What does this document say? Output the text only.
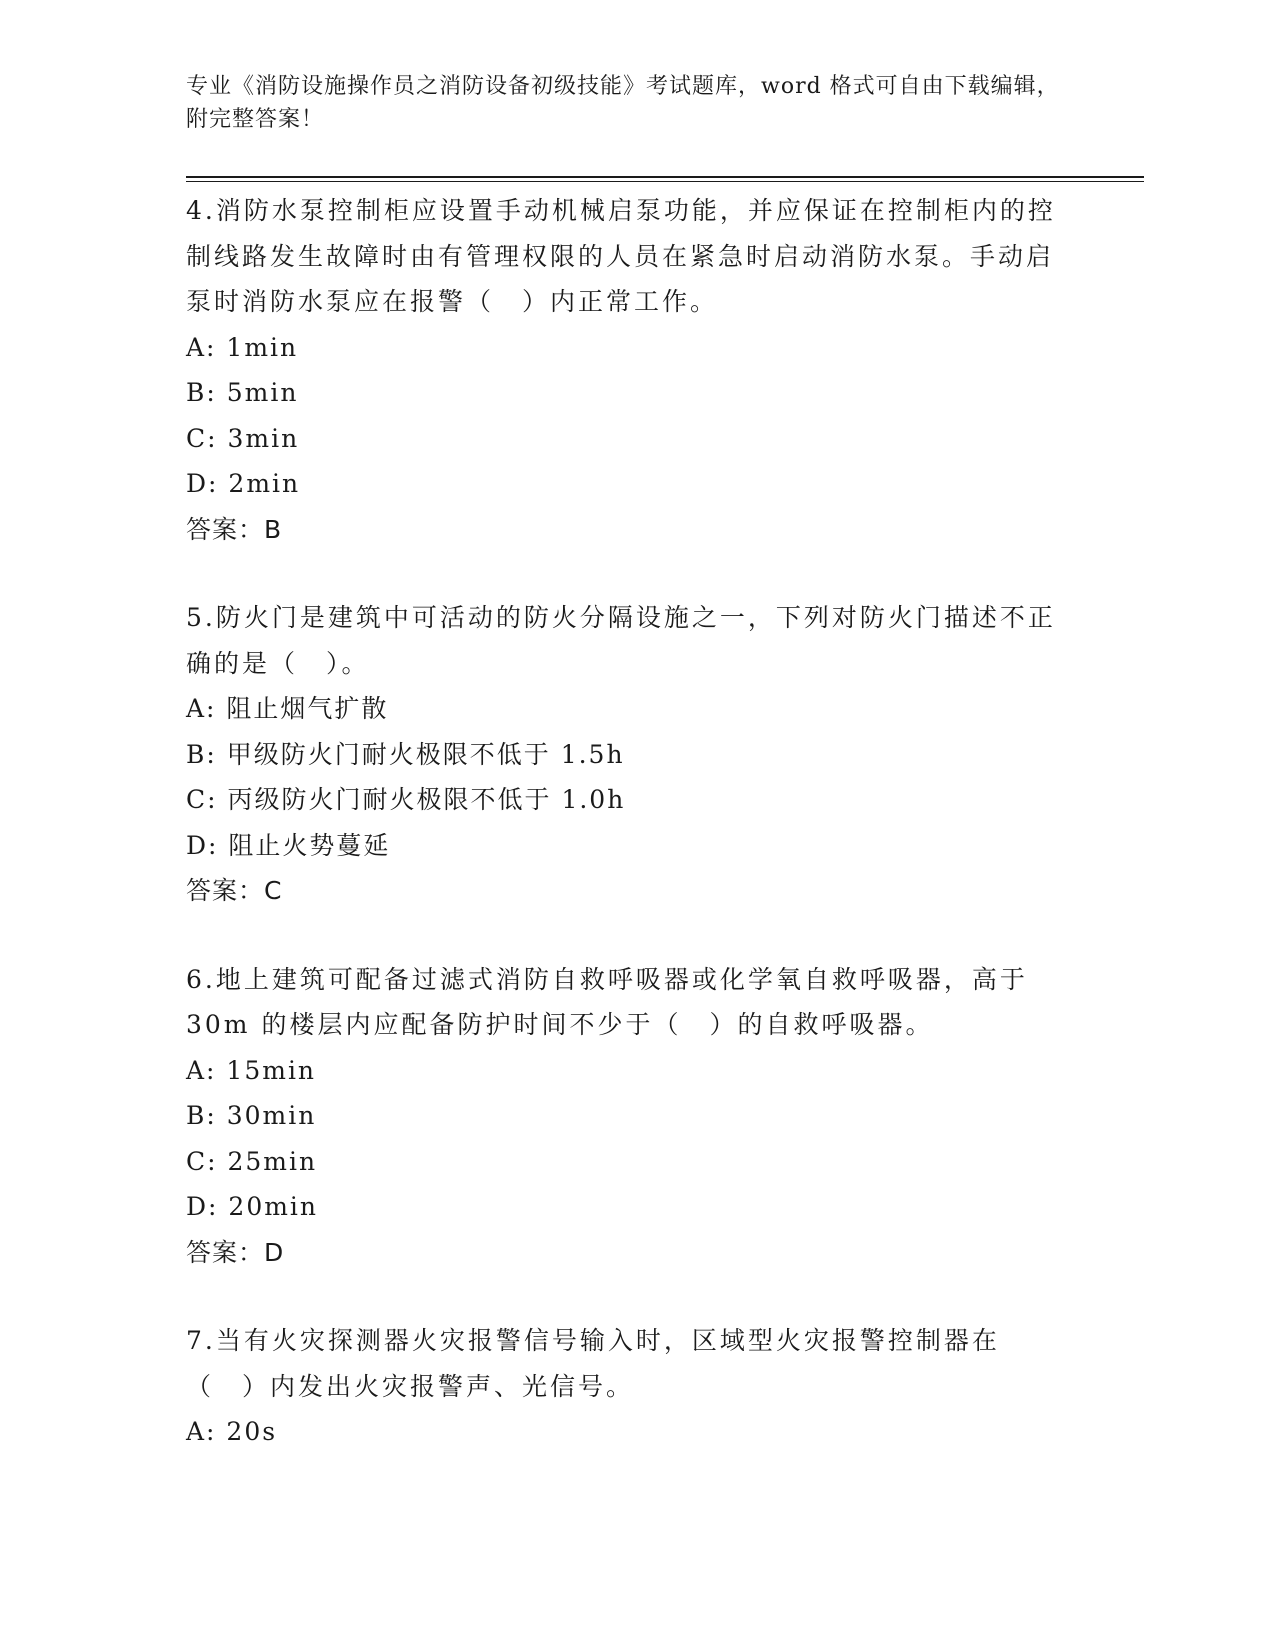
专业《消防设施操作员之消防设备初级技能》考试题库，word 格式可自由下载编辑，附完整答案！

4.消防水泵控制柜应设置手动机械启泵功能，并应保证在控制柜内的控制线路发生故障时由有管理权限的人员在紧急时启动消防水泵。手动启泵时消防水泵应在报警（　）内正常工作。

A: 1min

B: 5min

C: 3min

D: 2min

答案：B

5.防火门是建筑中可活动的防火分隔设施之一，下列对防火门描述不正确的是（　）。

A: 阻止烟气扩散

B: 甲级防火门耐火极限不低于 1.5h

C: 丙级防火门耐火极限不低于 1.0h

D: 阻止火势蔓延

答案：C

6.地上建筑可配备过滤式消防自救呼吸器或化学氧自救呼吸器，高于30m 的楼层内应配备防护时间不少于（　）的自救呼吸器。

A: 15min

B: 30min

C: 25min

D: 20min

答案：D

7.当有火灾探测器火灾报警信号输入时，区域型火灾报警控制器在（　）内发出火灾报警声、光信号。

A: 20s
